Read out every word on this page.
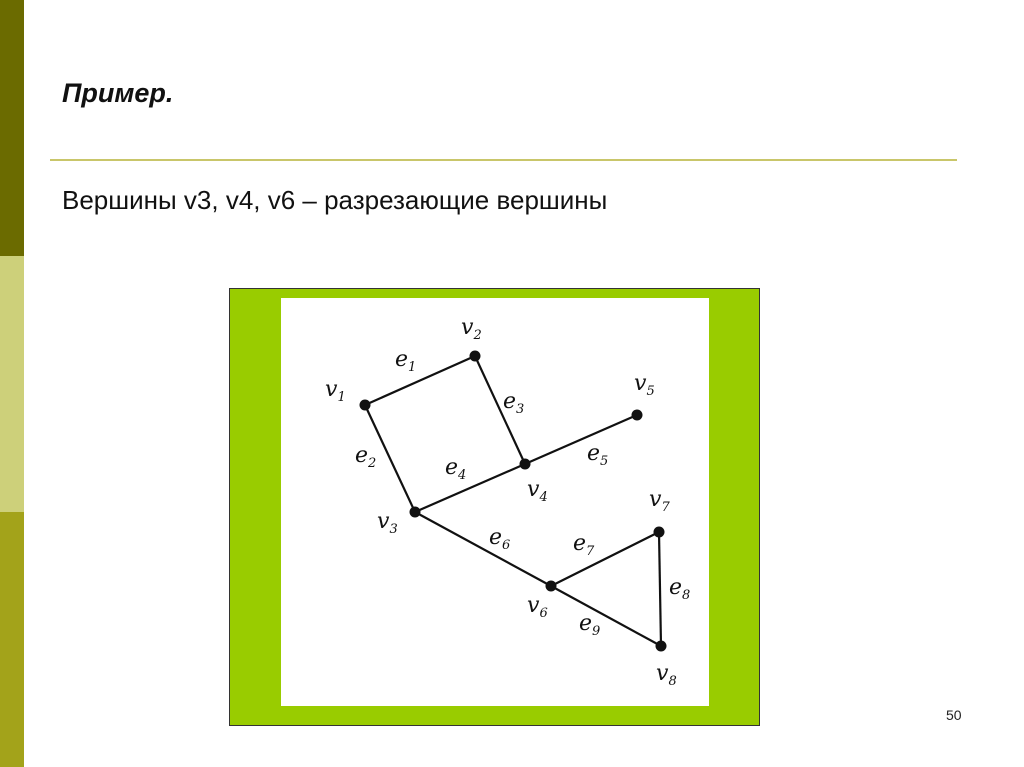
Пример.
Вершины v3, v4, v6 – разрезающие вершины
$e_1$
$e_2$
$e_3$
$e_4$
$e_5$
$e_6$	$e_7$
$e_8$
$e_9$
$v_1$
$v_2$
$v_3$
$v_4$
$v_5$
$v_6$
$v_7$
$v_8$
50
